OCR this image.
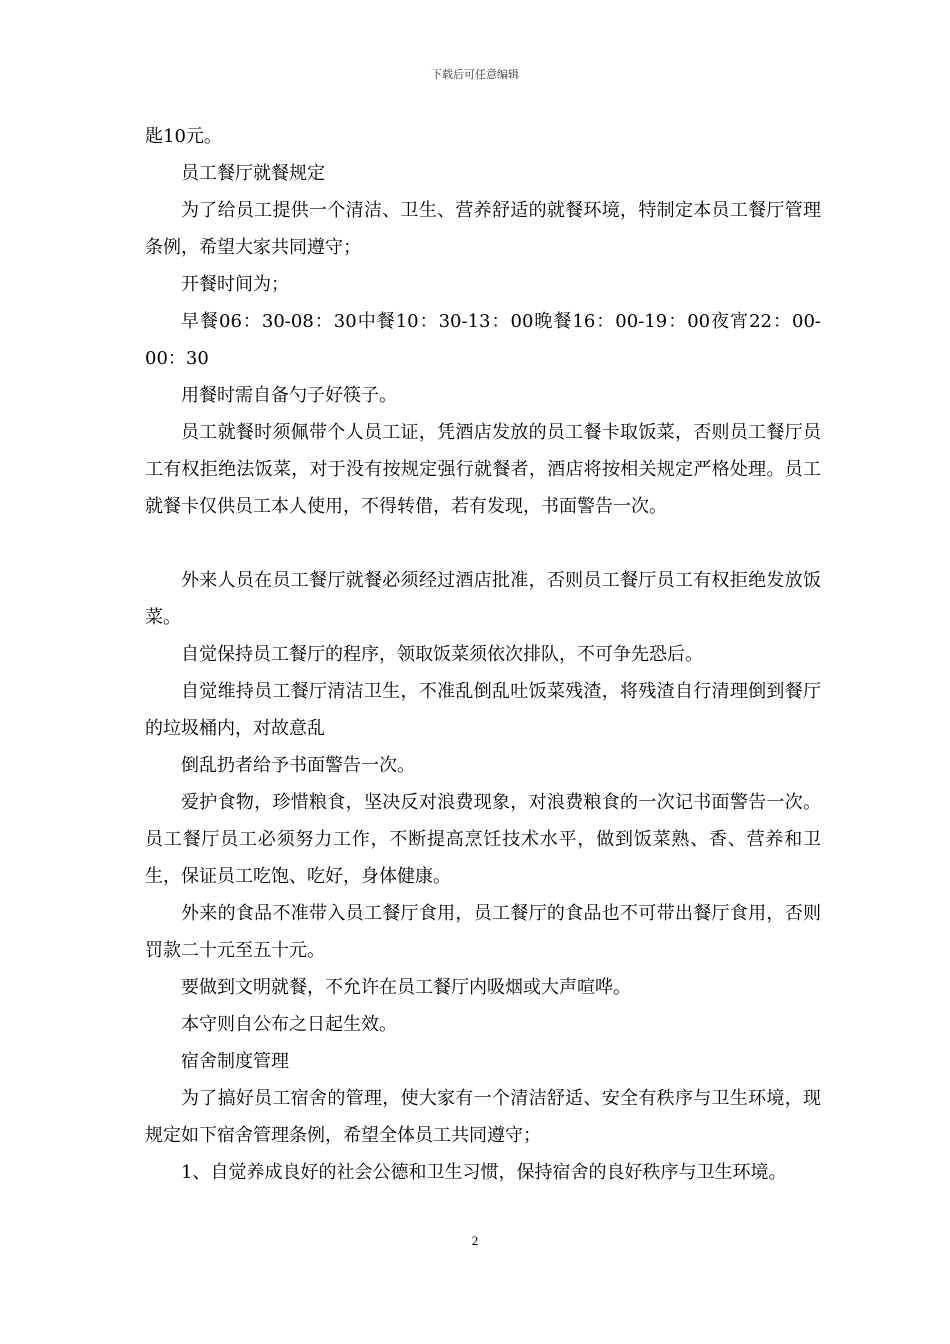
下载后可任意编辑

匙10元。

员工餐厅就餐规定

为了给员工提供一个清洁、卫生、营养舒适的就餐环境，特制定本员工餐厅管理条例，希望大家共同遵守；

开餐时间为；

早餐06：30-08：30中餐10：30-13：00晚餐16：00-19：00夜宵22：00-00：30

用餐时需自备勺子好筷子。

员工就餐时须佩带个人员工证，凭酒店发放的员工餐卡取饭菜，否则员工餐厅员工有权拒绝法饭菜，对于没有按规定强行就餐者，酒店将按相关规定严格处理。员工就餐卡仅供员工本人使用，不得转借，若有发现，书面警告一次。

外来人员在员工餐厅就餐必须经过酒店批准，否则员工餐厅员工有权拒绝发放饭菜。

自觉保持员工餐厅的程序，领取饭菜须依次排队，不可争先恐后。

自觉维持员工餐厅清洁卫生，不准乱倒乱吐饭菜残渣，将残渣自行清理倒到餐厅的垃圾桶内，对故意乱

倒乱扔者给予书面警告一次。

爱护食物，珍惜粮食，坚决反对浪费现象，对浪费粮食的一次记书面警告一次。员工餐厅员工必须努力工作，不断提高烹饪技术水平，做到饭菜熟、香、营养和卫生，保证员工吃饱、吃好，身体健康。

外来的食品不准带入员工餐厅食用，员工餐厅的食品也不可带出餐厅食用，否则罚款二十元至五十元。

要做到文明就餐，不允许在员工餐厅内吸烟或大声喧哗。

本守则自公布之日起生效。

宿舍制度管理

为了搞好员工宿舍的管理，使大家有一个清洁舒适、安全有秩序与卫生环境，现规定如下宿舍管理条例，希望全体员工共同遵守；

1、自觉养成良好的社会公德和卫生习惯，保持宿舍的良好秩序与卫生环境。

2
